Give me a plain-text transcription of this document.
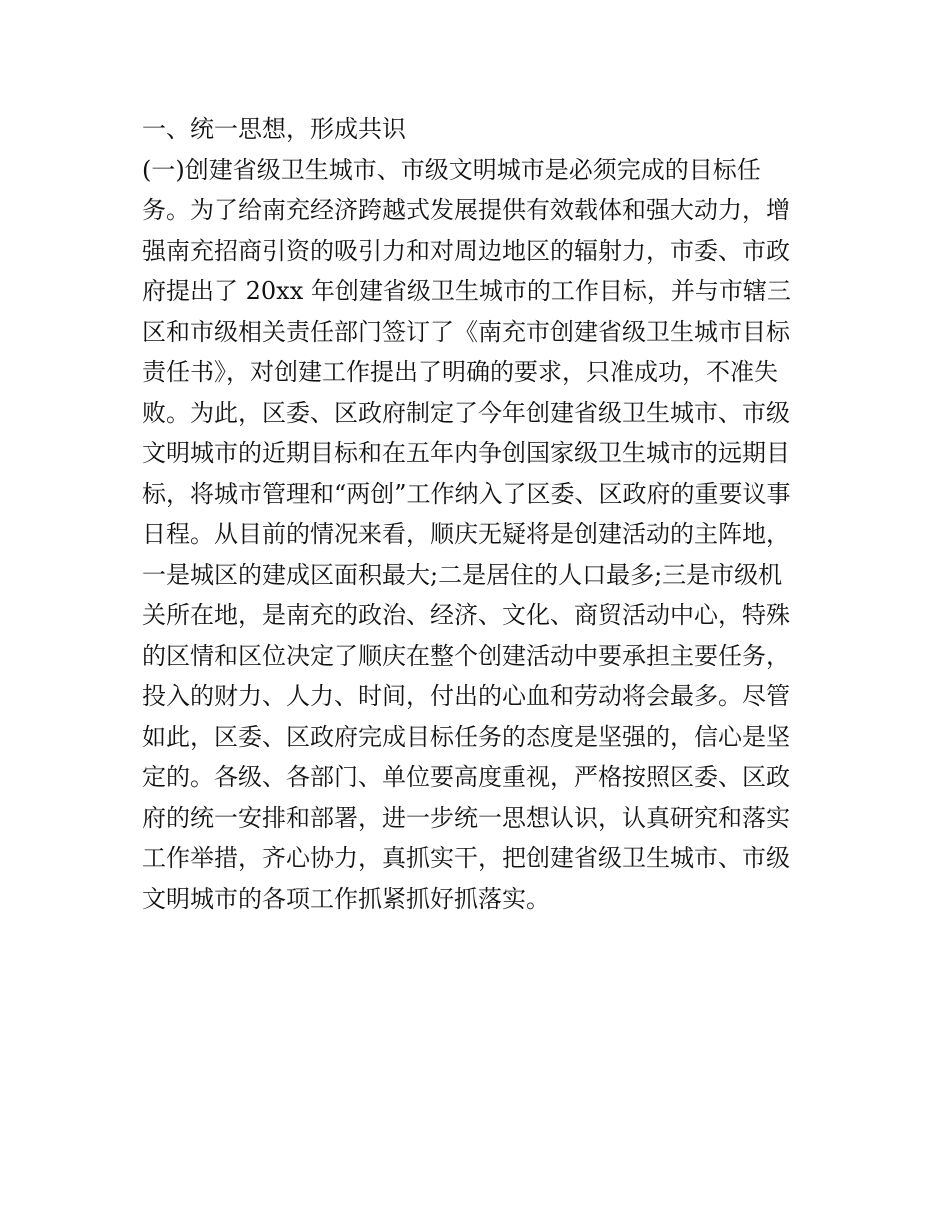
一、统一思想，形成共识
(一)创建省级卫生城市、市级文明城市是必须完成的目标任
务。为了给南充经济跨越式发展提供有效载体和强大动力，增
强南充招商引资的吸引力和对周边地区的辐射力，市委、市政
府提出了 20xx 年创建省级卫生城市的工作目标，并与市辖三
区和市级相关责任部门签订了《南充市创建省级卫生城市目标
责任书》，对创建工作提出了明确的要求，只准成功，不准失
败。为此，区委、区政府制定了今年创建省级卫生城市、市级
文明城市的近期目标和在五年内争创国家级卫生城市的远期目
标，将城市管理和“两创”工作纳入了区委、区政府的重要议事
日程。从目前的情况来看，顺庆无疑将是创建活动的主阵地，
一是城区的建成区面积最大;二是居住的人口最多;三是市级机
关所在地，是南充的政治、经济、文化、商贸活动中心，特殊
的区情和区位决定了顺庆在整个创建活动中要承担主要任务，
投入的财力、人力、时间，付出的心血和劳动将会最多。尽管
如此，区委、区政府完成目标任务的态度是坚强的，信心是坚
定的。各级、各部门、单位要高度重视，严格按照区委、区政
府的统一安排和部署，进一步统一思想认识，认真研究和落实
工作举措，齐心协力，真抓实干，把创建省级卫生城市、市级
文明城市的各项工作抓紧抓好抓落实。
